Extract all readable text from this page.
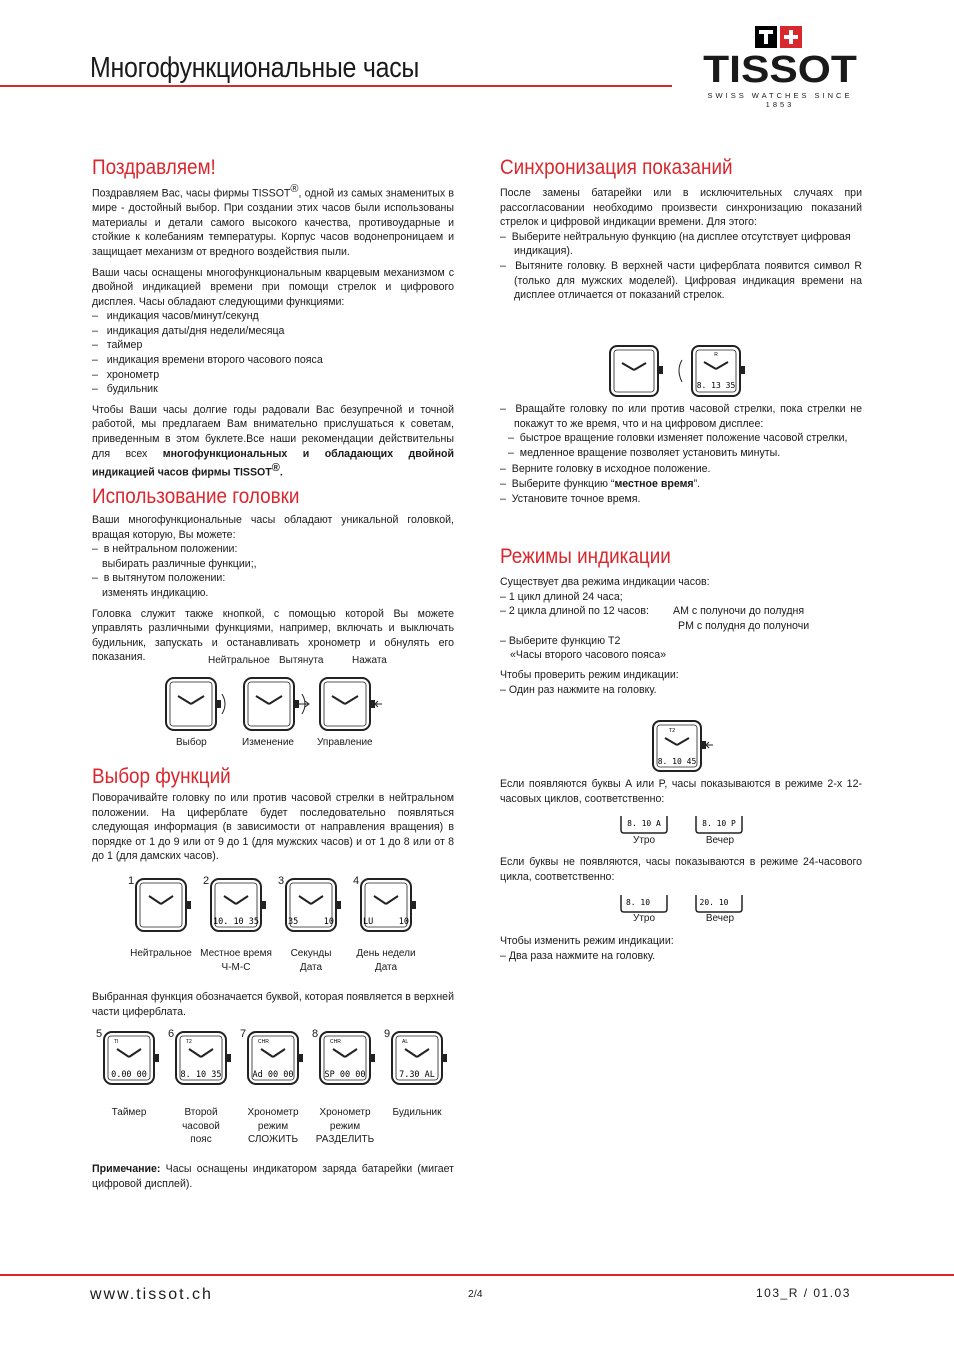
Многофункциональные часы	TISSOT
SWISS WATCHES SINCE 1853
Поздравляем!

Поздравляем Вас, часы фирмы TISSOT®, одной из самых знаменитых в мире - достойный выбор. При создании этих часов были использованы материалы и детали самого высокого качества, противоударные и стойкие к колебаниям температуры. Корпус часов водонепроницаем и защищает механизм от вредного воздействия пыли.

Ваши часы оснащены многофункциональным кварцевым механизмом с двойной индикацией времени при помощи стрелок и цифрового дисплея. Часы обладают следующими функциями:

–   индикация часов/минут/секунд
–   индикация даты/дня недели/месяца
–   таймер
–   индикация времени второго часового пояса
–   хронометр
–   будильник

Чтобы Ваши часы долгие годы радовали Вас безупречной и точной работой, мы предлагаем Вам внимательно прислушаться к советам, приведенным в этом буклете.Все наши рекомендации действительны для всех многофункциональных и обладающих двойной индикацией часов фирмы TISSOT®.

Использование головки

Ваши многофункциональные часы обладают уникальной головкой, вращая которую, Вы можете:

–  в нейтральном положении:
выбирать различные функции;,
–  в вытянутом положении:
изменять индикацию.

Головка служит также кнопкой, с помощью которой Вы можете управлять различными функциями, например, включать и выключать будильник, запускать и останавливать хронометр и обнулять его показания.	Нейтральное Вытянута	Нажата
Выбор	Изменение Управление
Выбор функций

Поворачивайте головку по или против часовой стрелки в нейтральном положении. На циферблате будет последовательно появляться следующая информация (в зависимости от направления вращения) в порядке от 1 до 9 или от 9 до 1 (для мужских часов) и от 1 до 8 или от 8 до 1 (для дамских часов).

1
Нейтральное
2
10. 10 35
Местное время
Ч-М-С
3
35     10
Секунды
Дата
4
LU     10
День недели
Дата

Выбранная функция обозначается буквой, которая появляется в верхней части циферблата.

5
TI
0.00 00
Таймер
6
T2
8. 10 35
Второй
часовой
пояс
7
CHR
Ad 00 00
Хронометр
режим
СЛОЖИТЬ
8
CHR
SP 00 00
Хронометр
режим
РАЗДЕЛИТЬ
9
AL
7.30 AL
Будильник

Примечание: Часы оснащены индикатором заряда батарейки (мигает цифровой дисплей).

Синхронизация показаний

После замены батарейки или в исключительных случаях при рассогласовании необходимо произвести синхронизацию показаний стрелок и цифровой индикации времени. Для этого:

–  Выберите нейтральную функцию (на дисплее отсутствует цифровая индикация).
–  Вытяните головку. В верхней части циферблата появится символ R (только для мужских моделей). Цифровая индикация времени на дисплее отличается от показаний стрелок.
R
8. 13 35
–  Вращайте головку по или против часовой стрелки, пока стрелки не покажут то же время, что и на цифровом дисплее:
–  быстрое вращение головки изменяет положение часовой стрелки,
–  медленное вращение позволяет установить минуты.
–  Верните головку в исходное положение.
–  Выберите функцию “местное время”.
–  Установите точное время.
Режимы индикации
Существует два режима индикации часов:
– 1 цикл длиной 24 часа;
– 2 цикла длиной по 12 часов: AM с полуночи до полудня
PM с полудня до полуночи
– Выберите функцию T2
«Часы второго часового пояса»
Чтобы проверить режим индикации:
– Один раз нажмите на головку.
T2
8. 10 45

Если появляются буквы A или P, часы показываются в режиме 2-х 12-часовых циклов, соответственно:

8. 10 A	8. 10 P
Утро	Вечер

Если буквы не появляются, часы показываются в режиме 24-часового цикла, соответственно:

8. 10	20. 10
Утро	Вечер
Чтобы изменить режим индикации:
– Два раза нажмите на головку.
www.tissot.ch	2/4	103_R / 01.03
